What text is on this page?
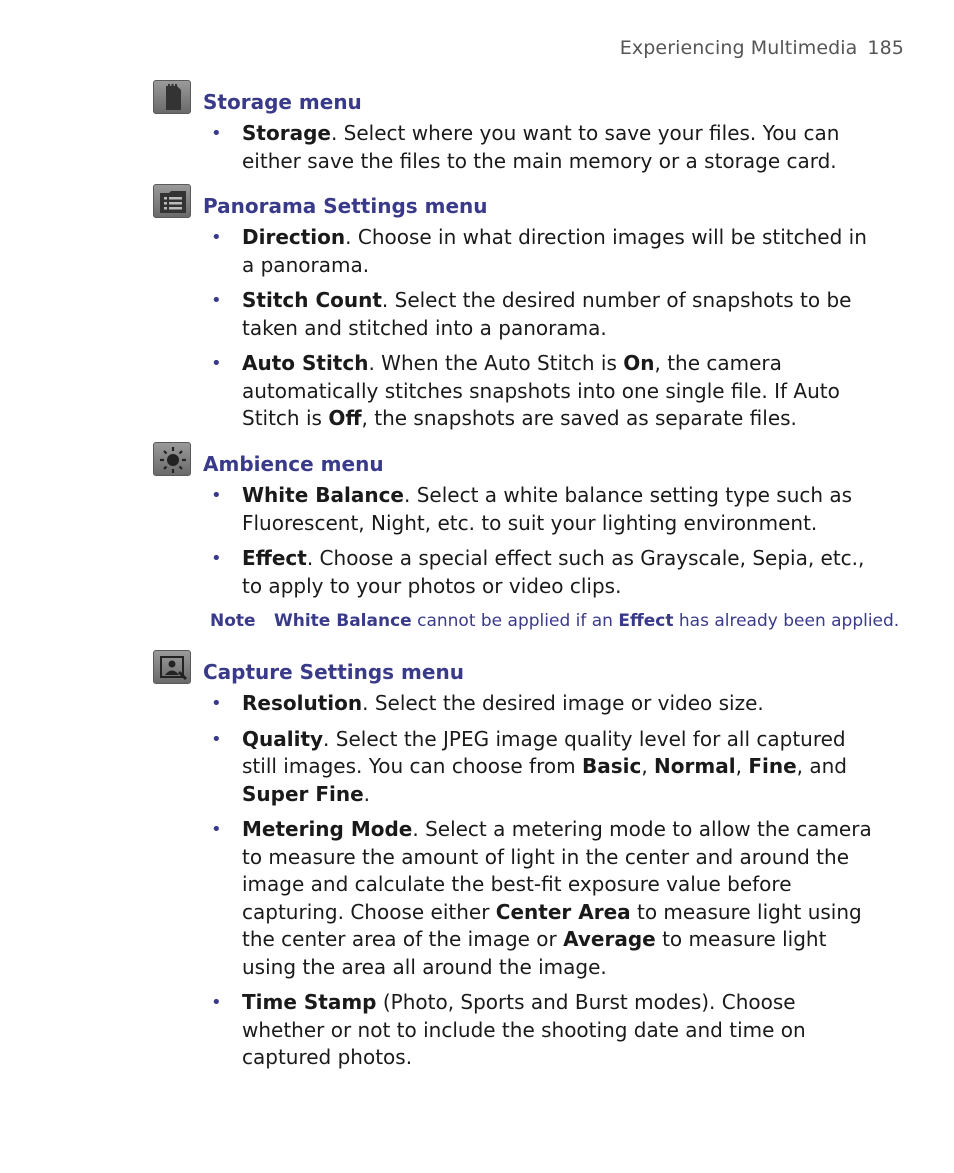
Experiencing Multimedia 185
Storage menu
• Storage. Select where you want to save your files. You can either save the files to the main memory or a storage card.
Panorama Settings menu
• Direction. Choose in what direction images will be stitched in a panorama.
• Stitch Count. Select the desired number of snapshots to be taken and stitched into a panorama.
• Auto Stitch. When the Auto Stitch is On, the camera automatically stitches snapshots into one single file. If Auto Stitch is Off, the snapshots are saved as separate files.
Ambience menu
• White Balance. Select a white balance setting type such as Fluorescent, Night, etc. to suit your lighting environment.
• Effect. Choose a special effect such as Grayscale, Sepia, etc., to apply to your photos or video clips.
Note White Balance cannot be applied if an Effect has already been applied.
Capture Settings menu
• Resolution. Select the desired image or video size.
• Quality. Select the JPEG image quality level for all captured still images. You can choose from Basic, Normal, Fine, and Super Fine.
• Metering Mode. Select a metering mode to allow the camera to measure the amount of light in the center and around the image and calculate the best-fit exposure value before capturing. Choose either Center Area to measure light using the center area of the image or Average to measure light using the area all around the image.
• Time Stamp (Photo, Sports and Burst modes). Choose whether or not to include the shooting date and time on captured photos.
